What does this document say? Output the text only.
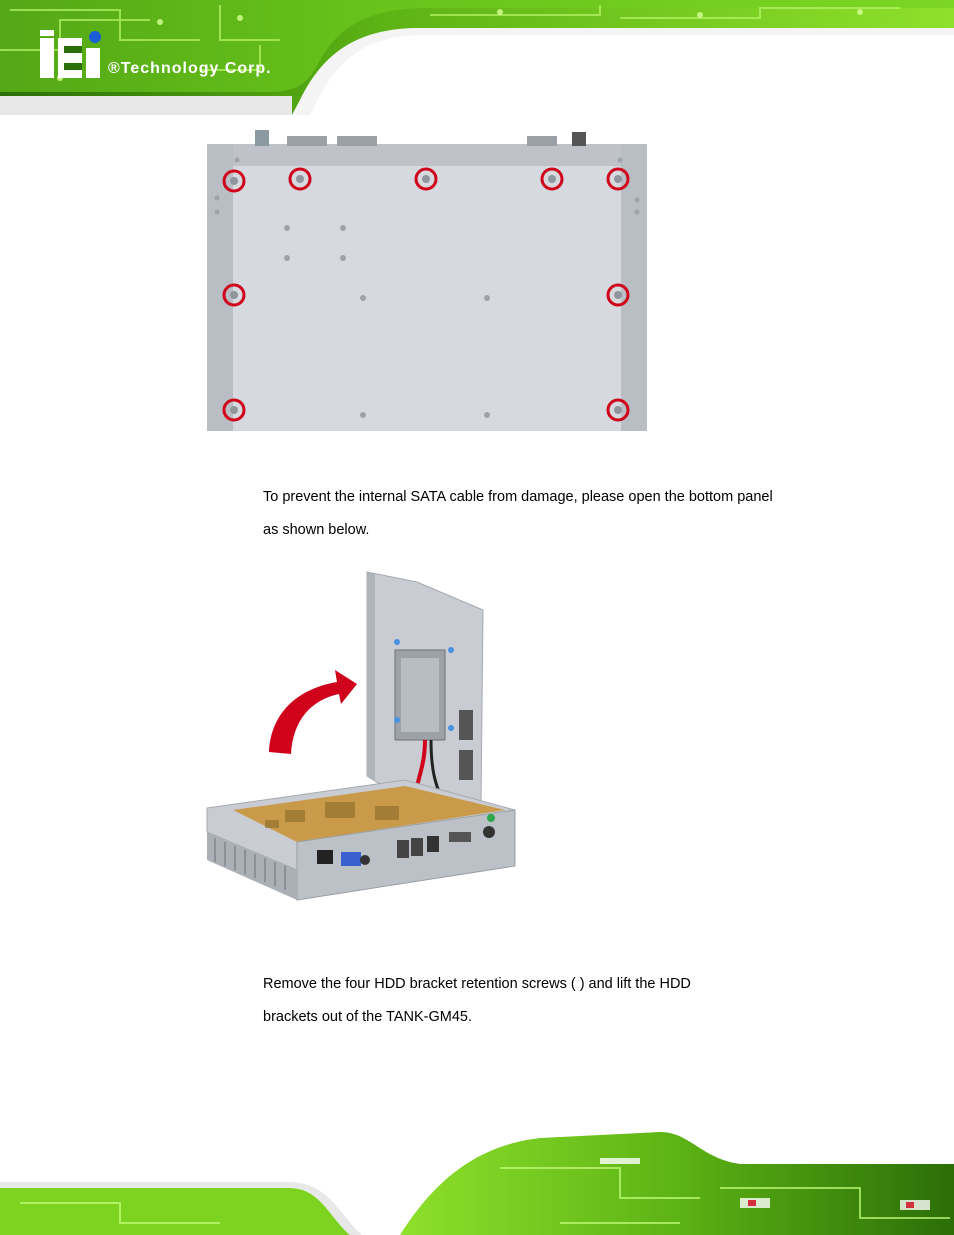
®Technology Corp.

To prevent the internal SATA cable from damage, please open the bottom panel
as shown below.

Remove the four HDD bracket retention screws ( ) and lift the HDD
brackets out of the TANK-GM45.
